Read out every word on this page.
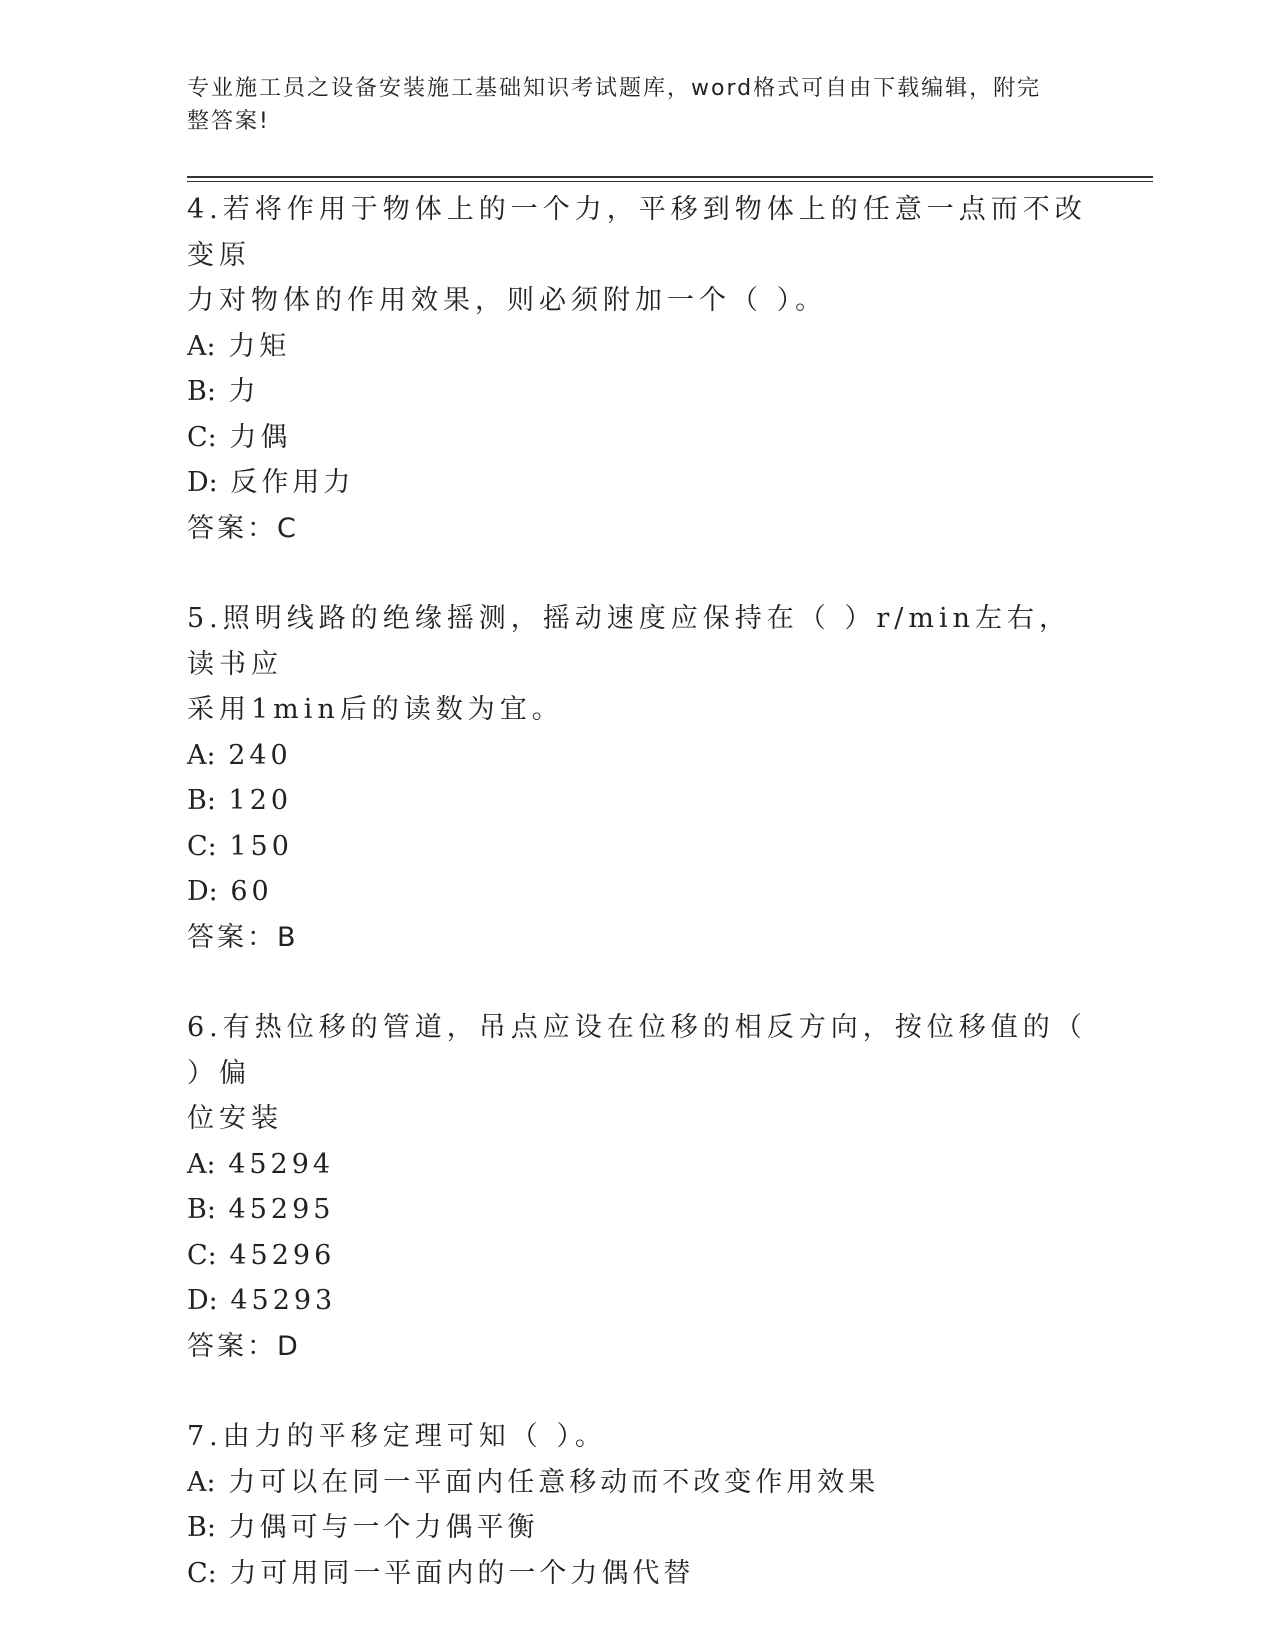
专业施工员之设备安装施工基础知识考试题库，word格式可自由下载编辑，附完
整答案!
4.若将作用于物体上的一个力，平移到物体上的任意一点而不改变原
力对物体的作用效果，则必须附加一个（ ）。
A: 力矩
B: 力
C: 力偶
D: 反作用力
答案：C
5.照明线路的绝缘摇测，摇动速度应保持在（ ）r/min左右，读书应
采用1min后的读数为宜。
A: 240
B: 120
C: 150
D: 60
答案：B
6.有热位移的管道，吊点应设在位移的相反方向，按位移值的（ ）偏
位安装
A: 45294
B: 45295
C: 45296
D: 45293
答案：D
7.由力的平移定理可知（ ）。
A: 力可以在同一平面内任意移动而不改变作用效果
B: 力偶可与一个力偶平衡
C: 力可用同一平面内的一个力偶代替
